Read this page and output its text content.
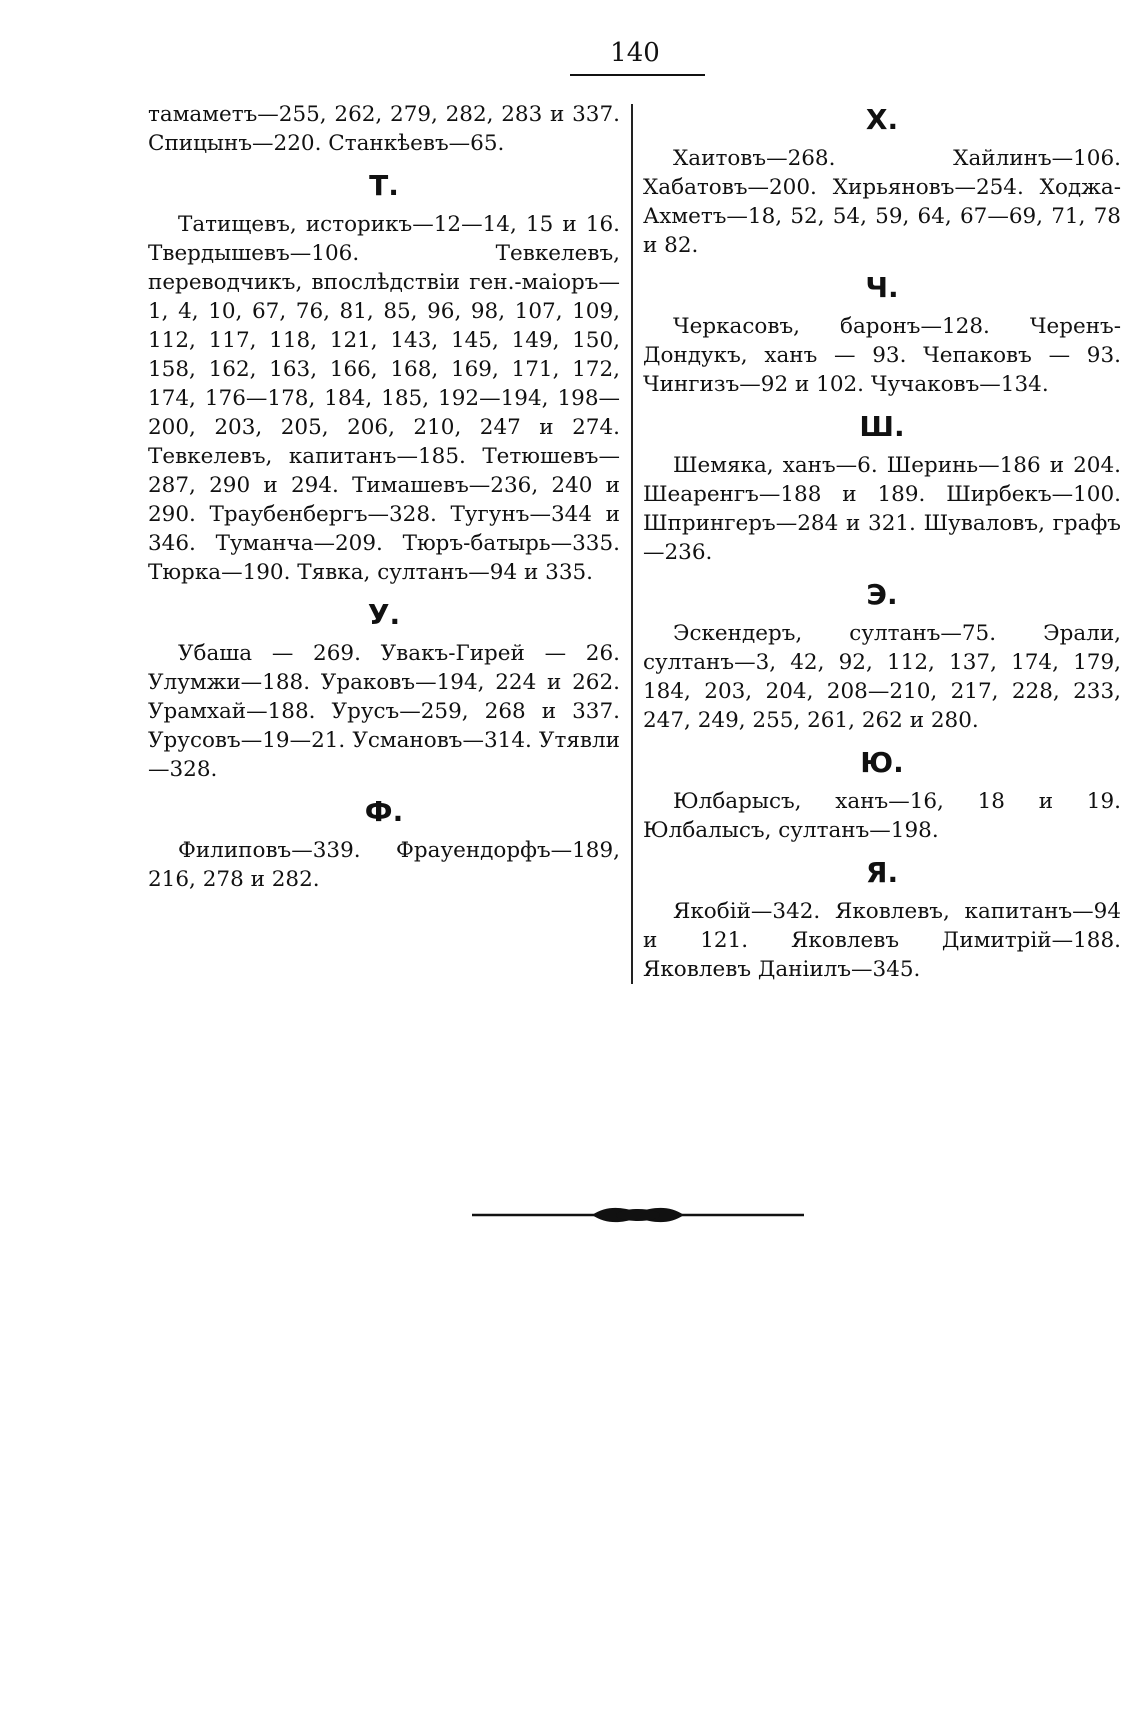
140

тамаметъ—255, 262, 279, 282, 283 и 337. Спицынъ—220. Станкѣевъ—65.

Т.

Татищевъ, историкъ—12—14, 15 и 16. Твердышевъ—106. Тевкелевъ, переводчикъ, впослѣдствіи ген.-маіоръ—1, 4, 10, 67, 76, 81, 85, 96, 98, 107, 109, 112, 117, 118, 121, 143, 145, 149, 150, 158, 162, 163, 166, 168, 169, 171, 172, 174, 176—178, 184, 185, 192—194, 198—200, 203, 205, 206, 210, 247 и 274. Тевкелевъ, капитанъ—185. Тетюшевъ—287, 290 и 294. Тимашевъ—236, 240 и 290. Траубенбергъ—328. Тугунъ—344 и 346. Туманча—209. Тюръ-батырь—335. Тюрка—190. Тявка, султанъ—94 и 335.

У.

Убаша — 269. Увакъ-Гирей — 26. Улумжи—188. Ураковъ—194, 224 и 262. Урамхай—188. Урусъ—259, 268 и 337. Урусовъ—19—21. Усмановъ—314. Утявли—328.

Ф.

Филиповъ—339. Фрауендорфъ—189, 216, 278 и 282.

Х.

Хаитовъ—268. Хайлинъ—106. Хабатовъ—200. Хирьяновъ—254. Ходжа-Ахметъ—18, 52, 54, 59, 64, 67—69, 71, 78 и 82.

Ч.

Черкасовъ, баронъ—128. Черенъ-Дондукъ, ханъ — 93. Чепаковъ — 93. Чингизъ—92 и 102. Чучаковъ—134.

Ш.

Шемяка, ханъ—6. Шеринь—186 и 204. Шеаренгъ—188 и 189. Ширбекъ—100. Шпрингеръ—284 и 321. Шуваловъ, графъ—236.

Э.

Эскендеръ, султанъ—75. Эрали, султанъ—3, 42, 92, 112, 137, 174, 179, 184, 203, 204, 208—210, 217, 228, 233, 247, 249, 255, 261, 262 и 280.

Ю.

Юлбарысъ, ханъ—16, 18 и 19. Юлбалысъ, султанъ—198.

Я.

Якобій—342. Яковлевъ, капитанъ—94 и 121. Яковлевъ Димитрій—188. Яковлевъ Даніилъ—345.
